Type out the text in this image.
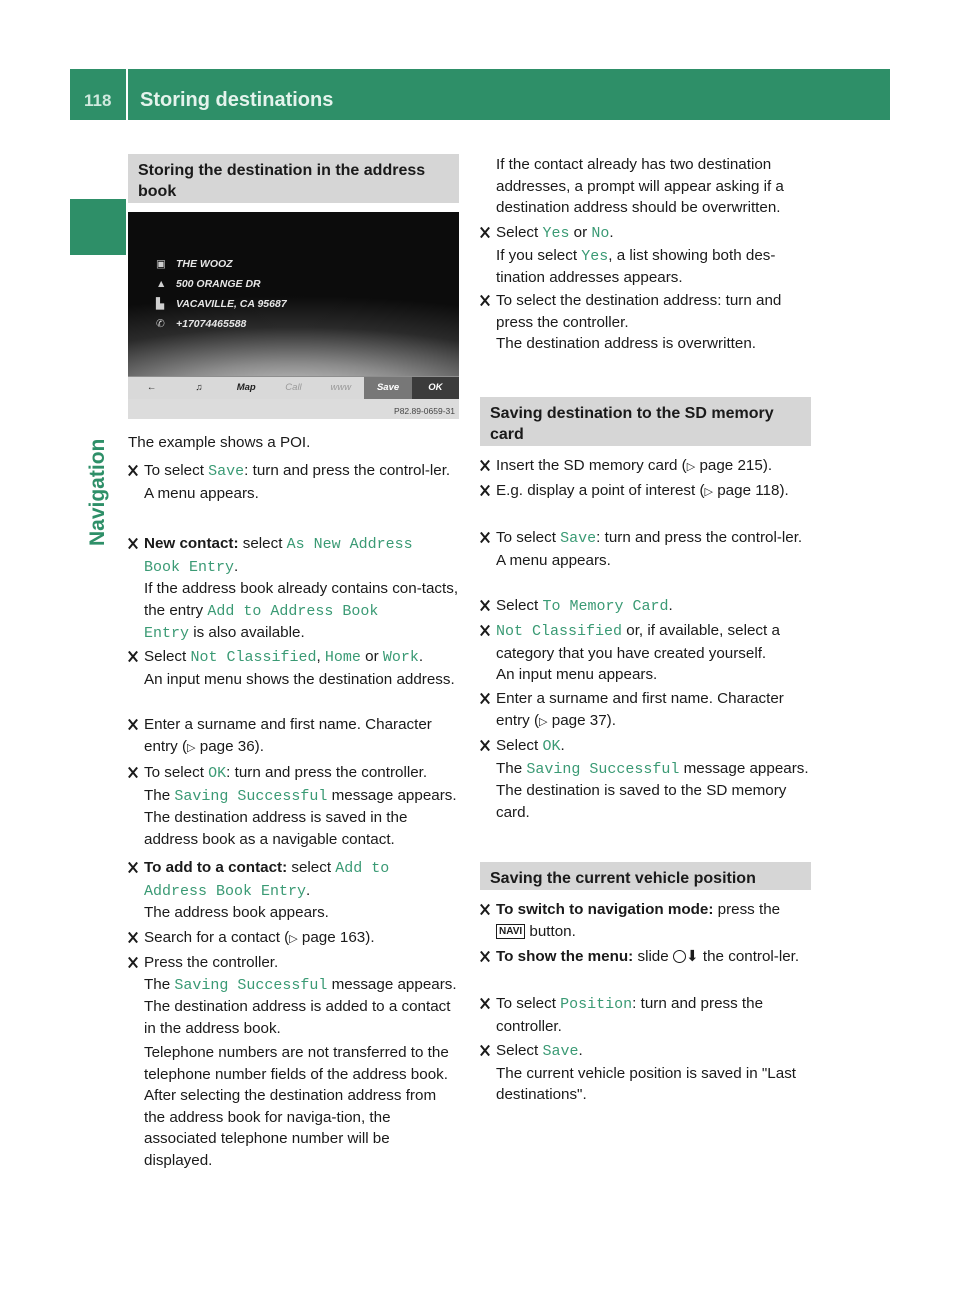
118 Storing destinations
Navigation
Storing the destination in the address book
▣ THE WOOZ
▲ 500 ORANGE DR
▙ VACAVILLE, CA 95687
✆ +17074465588
←	♫	Map	Call	www	Save	OK
P82.89-0659-31
The example shows a POI.
To select Save: turn and press the control-ler.
A menu appears.
New contact: select As New Address
Book Entry.
If the address book already contains con-tacts, the entry Add to Address Book
Entry is also available.
Select Not Classified, Home or Work.
An input menu shows the destination address.
Enter a surname and first name. Character entry (▷ page 36).
To select OK: turn and press the controller.
The Saving Successful message appears. The destination address is saved in the address book as a navigable contact.
To add to a contact: select Add to
Address Book Entry.
The address book appears.
Search for a contact (▷ page 163).
Press the controller.
The Saving Successful message appears. The destination address is added to a contact in the address book.
Telephone numbers are not transferred to the telephone number fields of the address book. After selecting the destination address from the address book for naviga-tion, the associated telephone number will be displayed.
If the contact already has two destination addresses, a prompt will appear asking if a destination address should be overwritten.
Select Yes or No.
If you select Yes, a list showing both des-tination addresses appears.
To select the destination address: turn and press the controller.
The destination address is overwritten.
Saving destination to the SD memory card
Insert the SD memory card (▷ page 215).
E.g. display a point of interest (▷ page 118).
To select Save: turn and press the control-ler.
A menu appears.
Select To Memory Card.
Not Classified or, if available, select a category that you have created yourself.
An input menu appears.
Enter a surname and first name. Character entry (▷ page 37).
Select OK.
The Saving Successful message appears. The destination is saved to the SD memory card.
Saving the current vehicle position
To switch to navigation mode: press the
NAVI button.
To show the menu: slide ⬇ the control-ler.
To select Position: turn and press the controller.
Select Save.
The current vehicle position is saved in "Last destinations".
